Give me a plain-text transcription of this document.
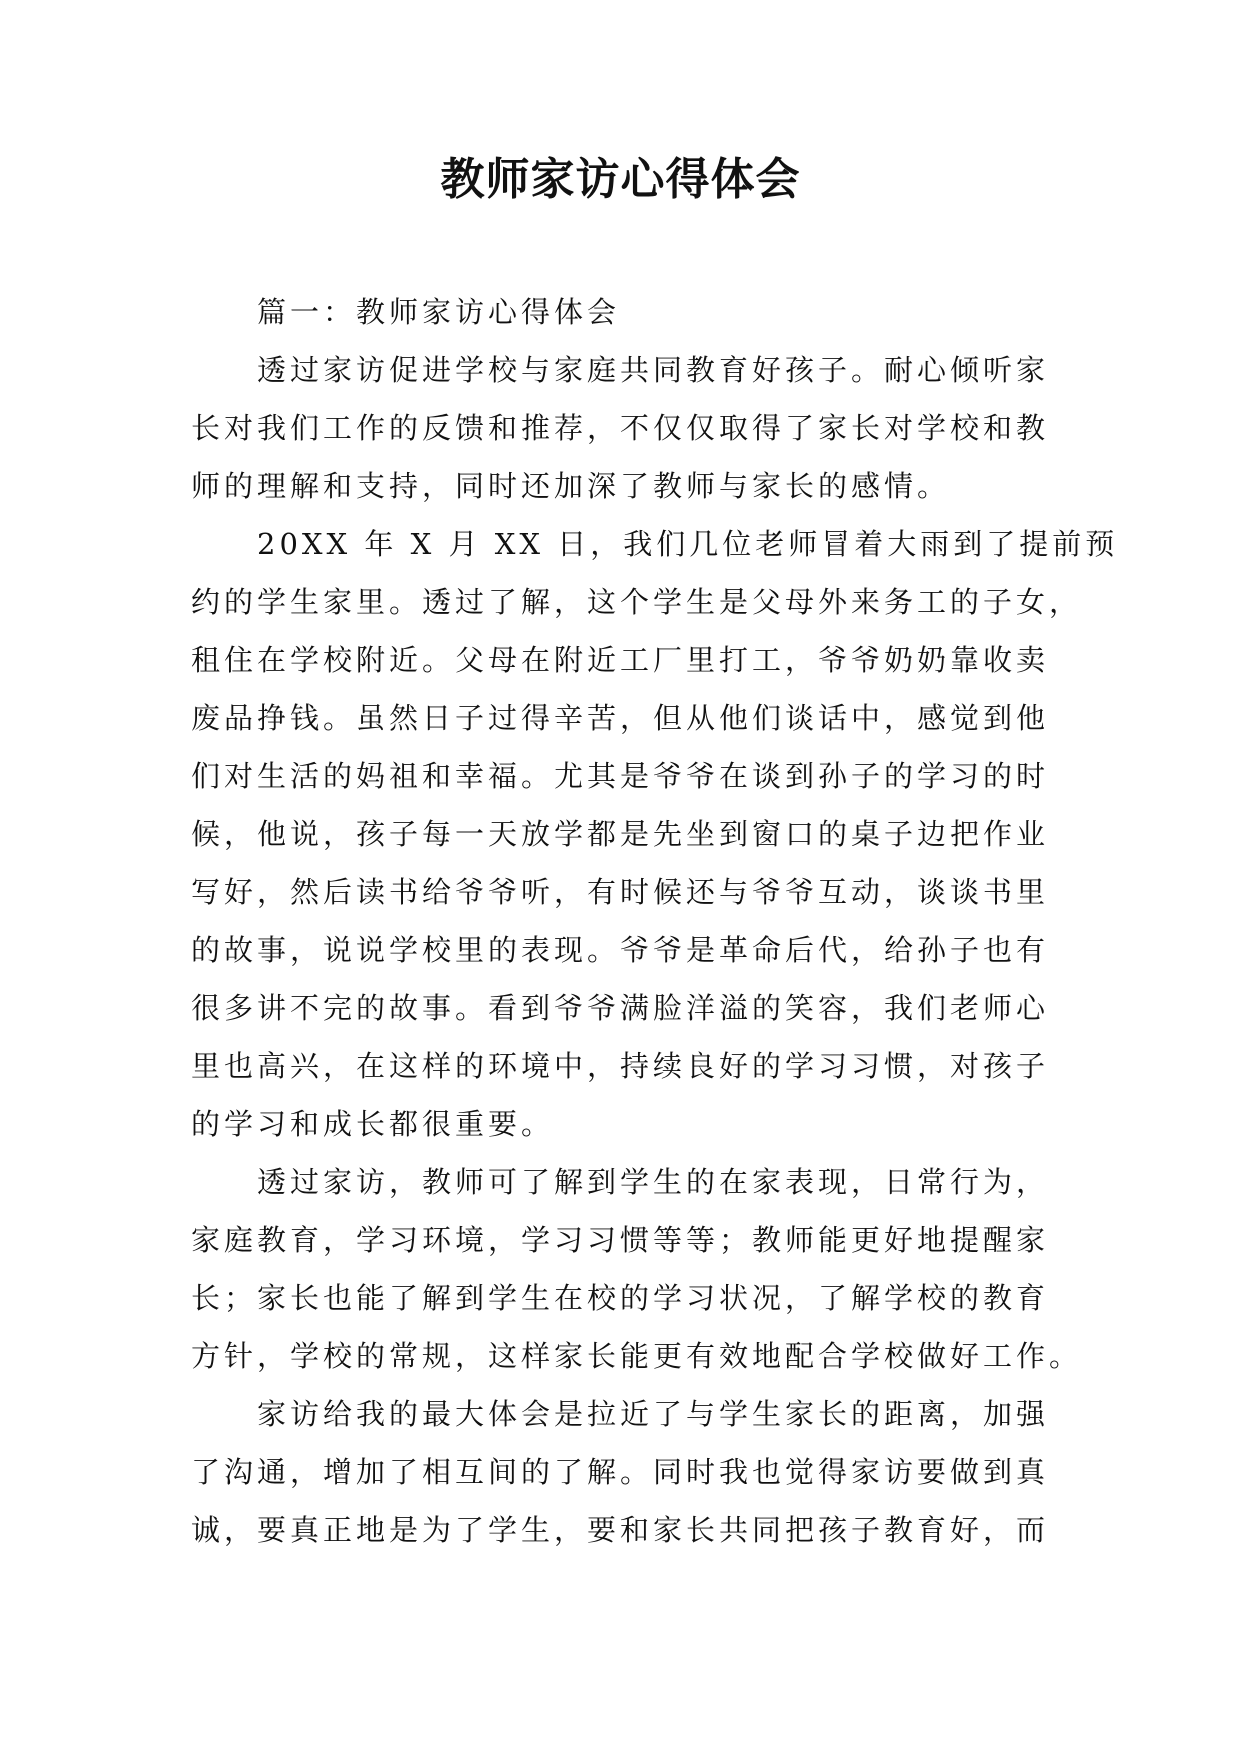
教师家访心得体会
篇一：教师家访心得体会
透过家访促进学校与家庭共同教育好孩子。耐心倾听家
长对我们工作的反馈和推荐，不仅仅取得了家长对学校和教
师的理解和支持，同时还加深了教师与家长的感情。
20XX 年 X 月 XX 日，我们几位老师冒着大雨到了提前预
约的学生家里。透过了解，这个学生是父母外来务工的子女，
租住在学校附近。父母在附近工厂里打工，爷爷奶奶靠收卖
废品挣钱。虽然日子过得辛苦，但从他们谈话中，感觉到他
们对生活的妈祖和幸福。尤其是爷爷在谈到孙子的学习的时
候，他说，孩子每一天放学都是先坐到窗口的桌子边把作业
写好，然后读书给爷爷听，有时候还与爷爷互动，谈谈书里
的故事，说说学校里的表现。爷爷是革命后代，给孙子也有
很多讲不完的故事。看到爷爷满脸洋溢的笑容，我们老师心
里也高兴，在这样的环境中，持续良好的学习习惯，对孩子
的学习和成长都很重要。
透过家访，教师可了解到学生的在家表现，日常行为，
家庭教育，学习环境，学习习惯等等；教师能更好地提醒家
长；家长也能了解到学生在校的学习状况，了解学校的教育
方针，学校的常规，这样家长能更有效地配合学校做好工作。
家访给我的最大体会是拉近了与学生家长的距离，加强
了沟通，增加了相互间的了解。同时我也觉得家访要做到真
诚，要真正地是为了学生，要和家长共同把孩子教育好，而
